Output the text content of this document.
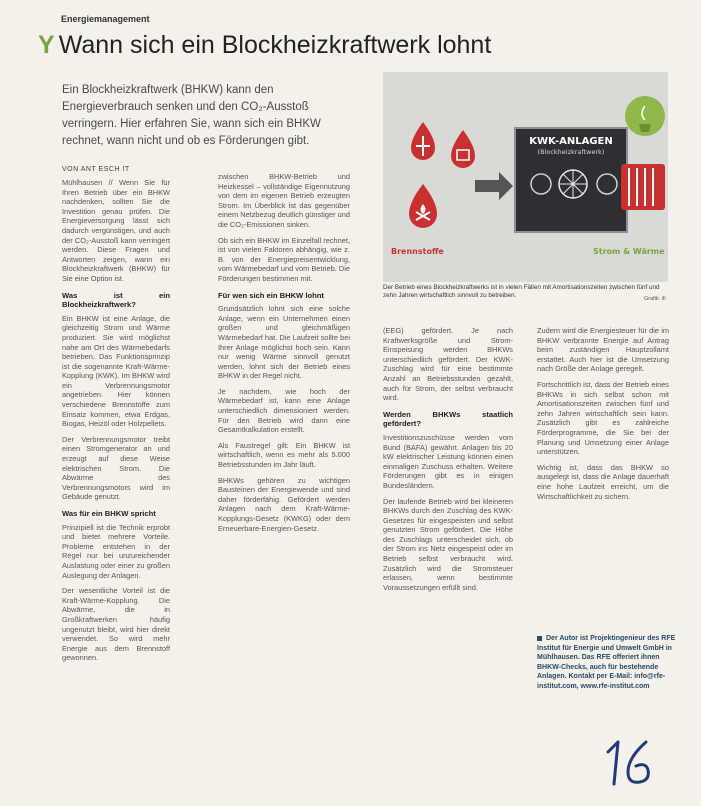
Energiemanagement
Y Wann sich ein Blockheizkraftwerk lohnt
Ein Blockheizkraftwerk (BHKW) kann den Energieverbrauch senken und den CO₂-Ausstoß verringern. Hier erfahren Sie, wann sich ein BHKW rechnet, wann nicht und ob es Förderungen gibt.
VON ANT ESCH IT

Mühlhausen // Wenn Sie für Ihren Betrieb über ein BHKW nachdenken, sollten Sie die Investition genau prüfen. Die Energieversorgung lässt sich dadurch vergünstigen, und auch der CO₂-Ausstoß kann verringert werden. Diese Fragen und Antworten zeigen, wann ein Blockheizkraftwerk (BHKW) für Sie eine Option ist.

Was ist ein Blockheizkraftwerk?

Ein BHKW ist eine Anlage, die gleichzeitig Strom und Wärme produziert. Sie wird möglichst nahe am Ort des Wärmebedarfs betrieben. Das Funktionsprinzip ist die sogenannte Kraft-Wärme-Kopplung (KWK). Im BHKW wird ein Verbrennungsmotor angetrieben. Hier können verschiedene Brennstoffe zum Einsatz kommen, etwa Erdgas, Biogas, Heizöl oder Holzpellets.

Der Verbrennungsmotor treibt einen Stromgenerator an und erzeugt auf diese Weise elektrischen Strom. Die Abwärme des Verbrennungsmotors wird im Gebäude genutzt.

Was für ein BHKW spricht

Prinzipiell ist die Technik erprobt und bietet mehrere Vorteile. Probleme entstehen in der Regel nur bei unzureichender Auslastung oder einer zu großen Auslegung der Anlagen.

Der wesentliche Vorteil ist die Kraft-Wärme-Kopplung. Die Abwärme, die in Großkraftwerken häufig ungenutzt bleibt, wird hier direkt verwendet. So wird mehr Energie aus dem Brennstoff gewonnen.

zwischen BHKW-Betrieb und Heizkessel – vollständige Eigennutzung von dem im eigenen Betrieb erzeugten Strom. Im Überblick ist das gegenüber einem Netzbezug deutlich günstiger und die CO₂-Emissionen sinken.

Ob sich ein BHKW im Einzelfall rechnet, ist von vielen Faktoren abhängig, wie z. B. von der Energiepreisentwicklung, vom Wärmebedarf und vom Betrieb. Die Förderungen bestimmen mit.

Für wen sich ein BHKW lohnt

Grundsätzlich lohnt sich eine solche Anlage, wenn ein Unternehmen einen großen und gleichmäßigen Wärmebedarf hat. Die Laufzeit sollte bei Ihrer Anlage möglichst hoch sein. Kann nur wenig Wärme sinnvoll genutzt werden, lohnt sich der Betrieb eines BHKW in der Regel nicht.

Je nachdem, wie hoch der Wärmebedarf ist, kann eine Anlage unterschiedlich dimensioniert werden. Für den Betrieb wird dann eine Gesamtkalkulation erstellt.

Als Faustregel gilt: Ein BHKW ist wirtschaftlich, wenn es mehr als 5.000 Betriebsstunden im Jahr läuft.

BHKWs gehören zu wichtigen Bausteinen der Energiewende und sind daher förderfähig. Gefördert werden Anlagen nach dem Kraft-Wärme-Kopplungs-Gesetz (KWKG) oder dem Erneuerbare-Energien-Gesetz.

KWK-ANLAGEN
(Blockheizkraftwerk)
Brennstoffe	Strom & Wärme
Der Betrieb eines Blockheizkraftwerks ist in vielen Fällen mit Amortisationszeiten zwischen fünf und zehn Jahren wirtschaftlich sinnvoll zu betreiben.	Grafik: ifi

(EEG) gefördert. Je nach Kraftwerksgröße und Strom-Einspeisung werden BHKWs unterschiedlich gefördert. Der KWK-Zuschlag wird für eine bestimmte Anzahl an Betriebsstunden gezahlt, auch für Strom, der selbst verbraucht wird.

Werden BHKWs staatlich gefördert?

Investitionszuschüsse werden vom Bund (BAFA) gewährt. Anlagen bis 20 kW elektrischer Leistung können einen einmaligen Zuschuss erhalten. Weitere Förderungen gibt es in einigen Bundesländern.

Der laufende Betrieb wird bei kleineren BHKWs durch den Zuschlag des KWK-Gesetzes für eingespeisten und selbst genutzten Strom gefördert. Die Höhe des Zuschlags unterscheidet sich, ob der Strom ins Netz eingespeist oder im Betrieb selbst verbraucht wird. Zusätzlich wird die Stromsteuer erlassen, wenn bestimmte Voraussetzungen erfüllt sind.

Zudem wird die Energiesteuer für die im BHKW verbrannte Energie auf Antrag beim zuständigen Hauptzollamt erstattet. Auch hier ist die Umsetzung nach Größe der Anlage geregelt.

Fortschrittlich ist, dass der Betrieb eines BHKWs in sich selbst schon mit Amortisationszeiten zwischen fünf und zehn Jahren wirtschaftlich sein kann. Zusätzlich gibt es zahlreiche Förderprogramme, die Sie bei der Planung und Umsetzung einer Anlage unterstützen.

Wichtig ist, dass das BHKW so ausgelegt ist, dass die Anlage dauerhaft eine hohe Laufzeit erreicht, um die Wirtschaftlichkeit zu sichern.

Der Autor ist Projektingenieur des RFE Institut für Energie und Umwelt GmbH in Mühlhausen. Das RFE offeriert ihnen BHKW-Checks, auch für bestehende Anlagen. Kontakt per E-Mail: info@rfe-institut.com, www.rfe-institut.com
